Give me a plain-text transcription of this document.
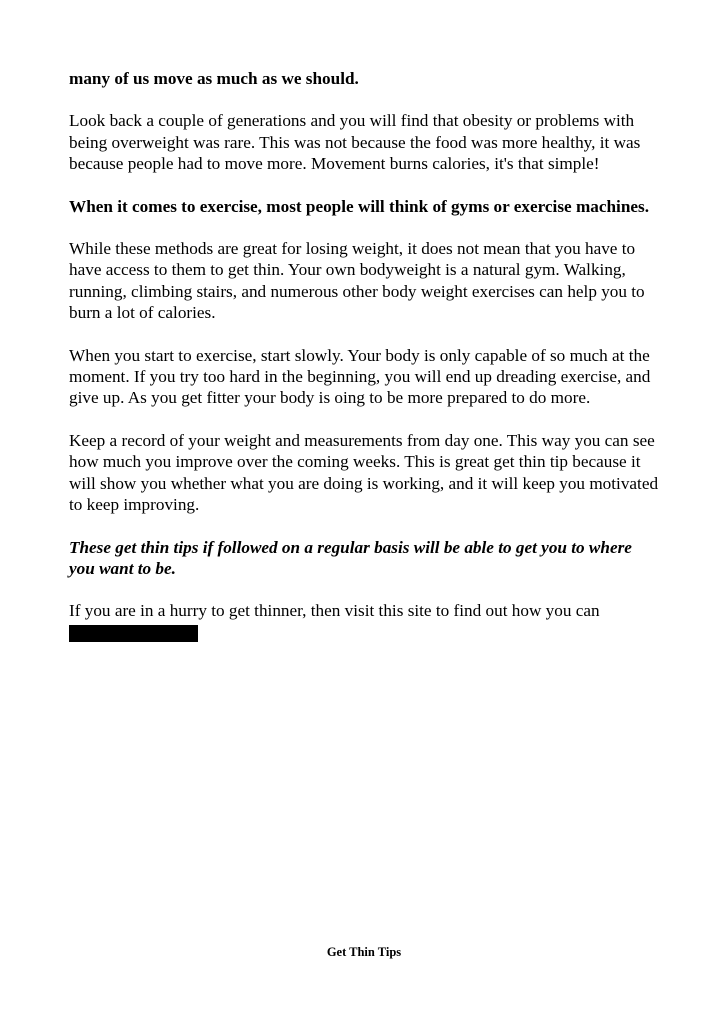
many of us move as much as we should.

Look back a couple of generations and you will find that obesity or problems with being overweight was rare. This was not because the food was more healthy, it was because people had to move more. Movement burns calories, it's that simple!

When it comes to exercise, most people will think of gyms or exercise machines.

While these methods are great for losing weight, it does not mean that you have to have access to them to get thin. Your own bodyweight is a natural gym. Walking, running, climbing stairs, and numerous other body weight exercises can help you to burn a lot of calories.

When you start to exercise, start slowly. Your body is only capable of so much at the moment. If you try too hard in the beginning, you will end up dreading exercise, and give up. As you get fitter your body is oing to be more prepared to do more.

Keep a record of your weight and measurements from day one. This way you can see how much you improve over the coming weeks. This is great get thin tip because it will show you whether what you are doing is working, and it will keep you motivated to keep improving.

These get thin tips if followed on a regular basis will be able to get you to where you want to be.

If you are in a hurry to get thinner, then visit this site to find out how you can

Get Thin Tips
